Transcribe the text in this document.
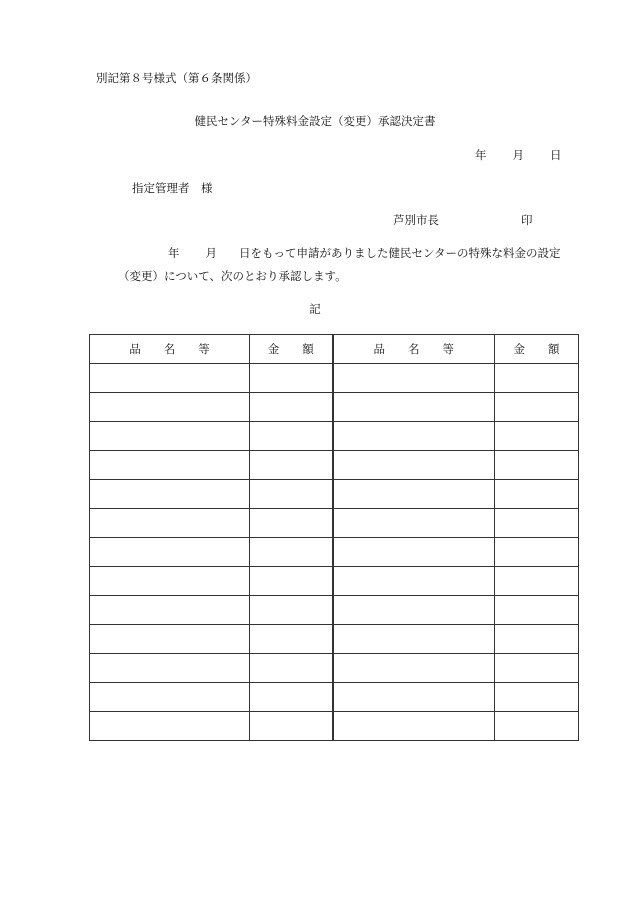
別記第８号様式（第６条関係）
健民センター特殊料金設定（変更）承認決定書
年 月 日
指定管理者　様
芦別市長	印
年 月 日をもって申請がありました健民センターの特殊な料金の設定
（変更）について、次のとおり承認します。
記
品　　名　　等	金　　額	品　　名　　等	金　　額
